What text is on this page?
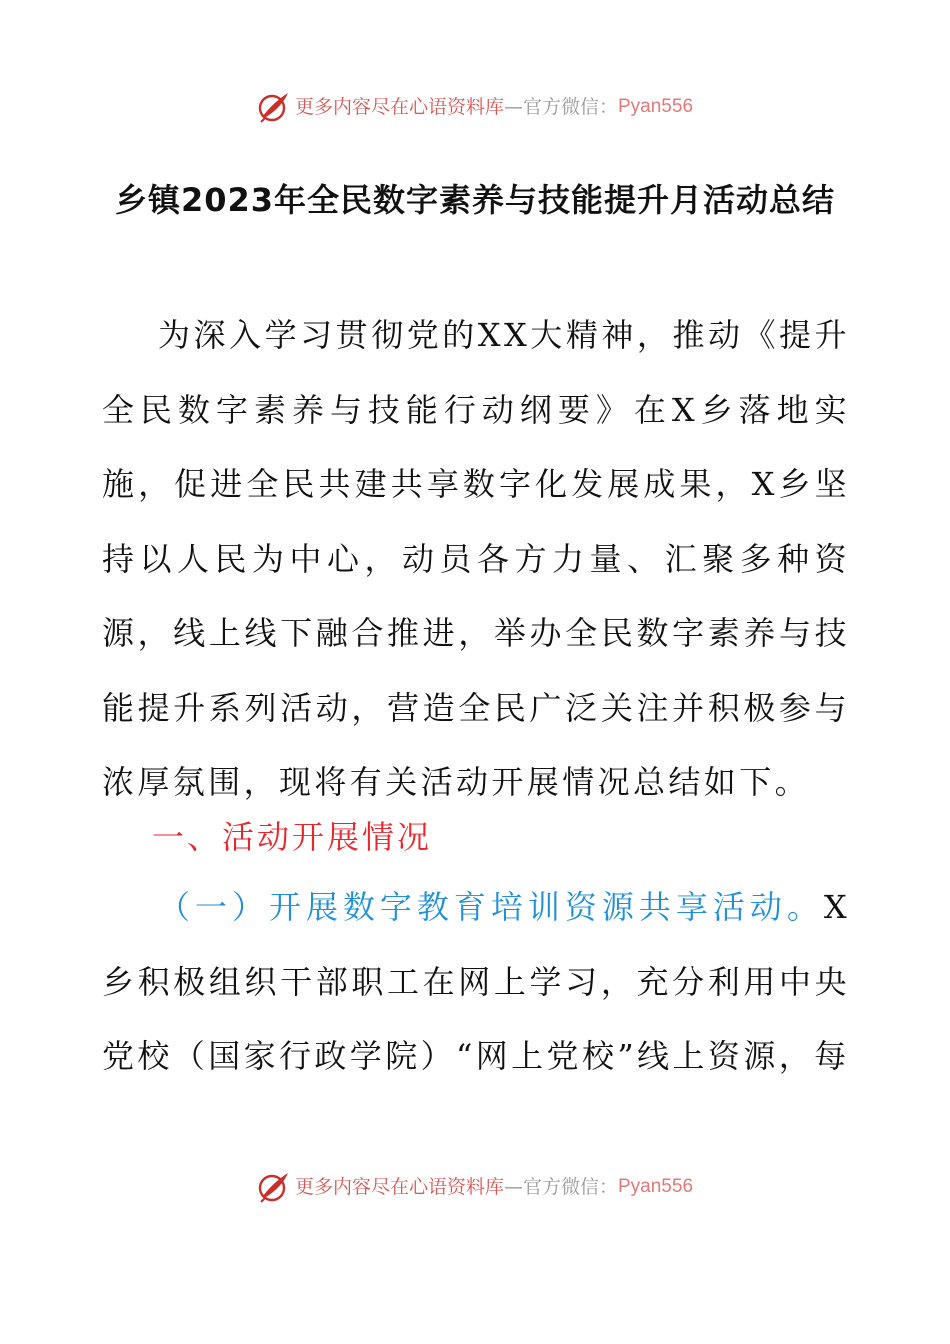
更多内容尽在心语资料库 — 官方微信： Pyan556
乡镇2023年全民数字素养与技能提升月活动总结

为深入学习贯彻党的XX大精神，推动《提升全民数字素养与技能行动纲要》在X乡落地实施，促进全民共建共享数字化发展成果，X乡坚持以人民为中心，动员各方力量、汇聚多种资源，线上线下融合推进，举办全民数字素养与技能提升系列活动，营造全民广泛关注并积极参与浓厚氛围，现将有关活动开展情况总结如下。

一、活动开展情况

（一）开展数字教育培训资源共享活动。X乡积极组织干部职工在网上学习，充分利用中央党校（国家行政学院）“网上党校”线上资源，每

更多内容尽在心语资料库 — 官方微信： Pyan556
